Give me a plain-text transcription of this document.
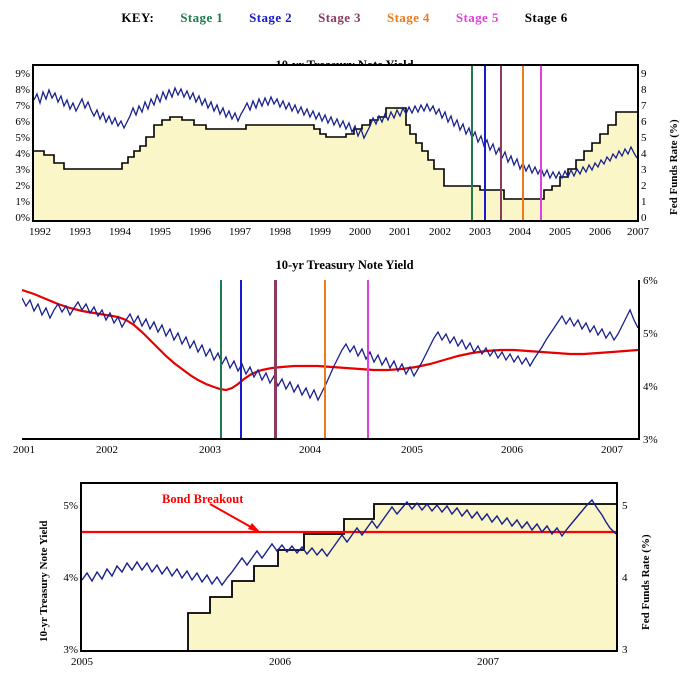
KEY: Stage 1 Stage 2 Stage 3 Stage 4 Stage 5 Stage 6
9%
8%
7%
6%
5%
4%
3%
2%
1%
0%
9
8
7
6
5
4
3
2
1
0
Fed Funds Rate (%)
1992	1993	1994	1995	1996	1997	1998	1999	2000	2001	2002	2003	2004	2005	2006	2007
10-yr Treasury Note Yield
6%
5%
4%
3%
2001	2002	2003	2004	2005	2006	2007
10-yr Treasury Note Yield	Fed Funds Rate (%)
5%
4%
3%
5
4
3
Bond Breakout
2005	2006	2007
